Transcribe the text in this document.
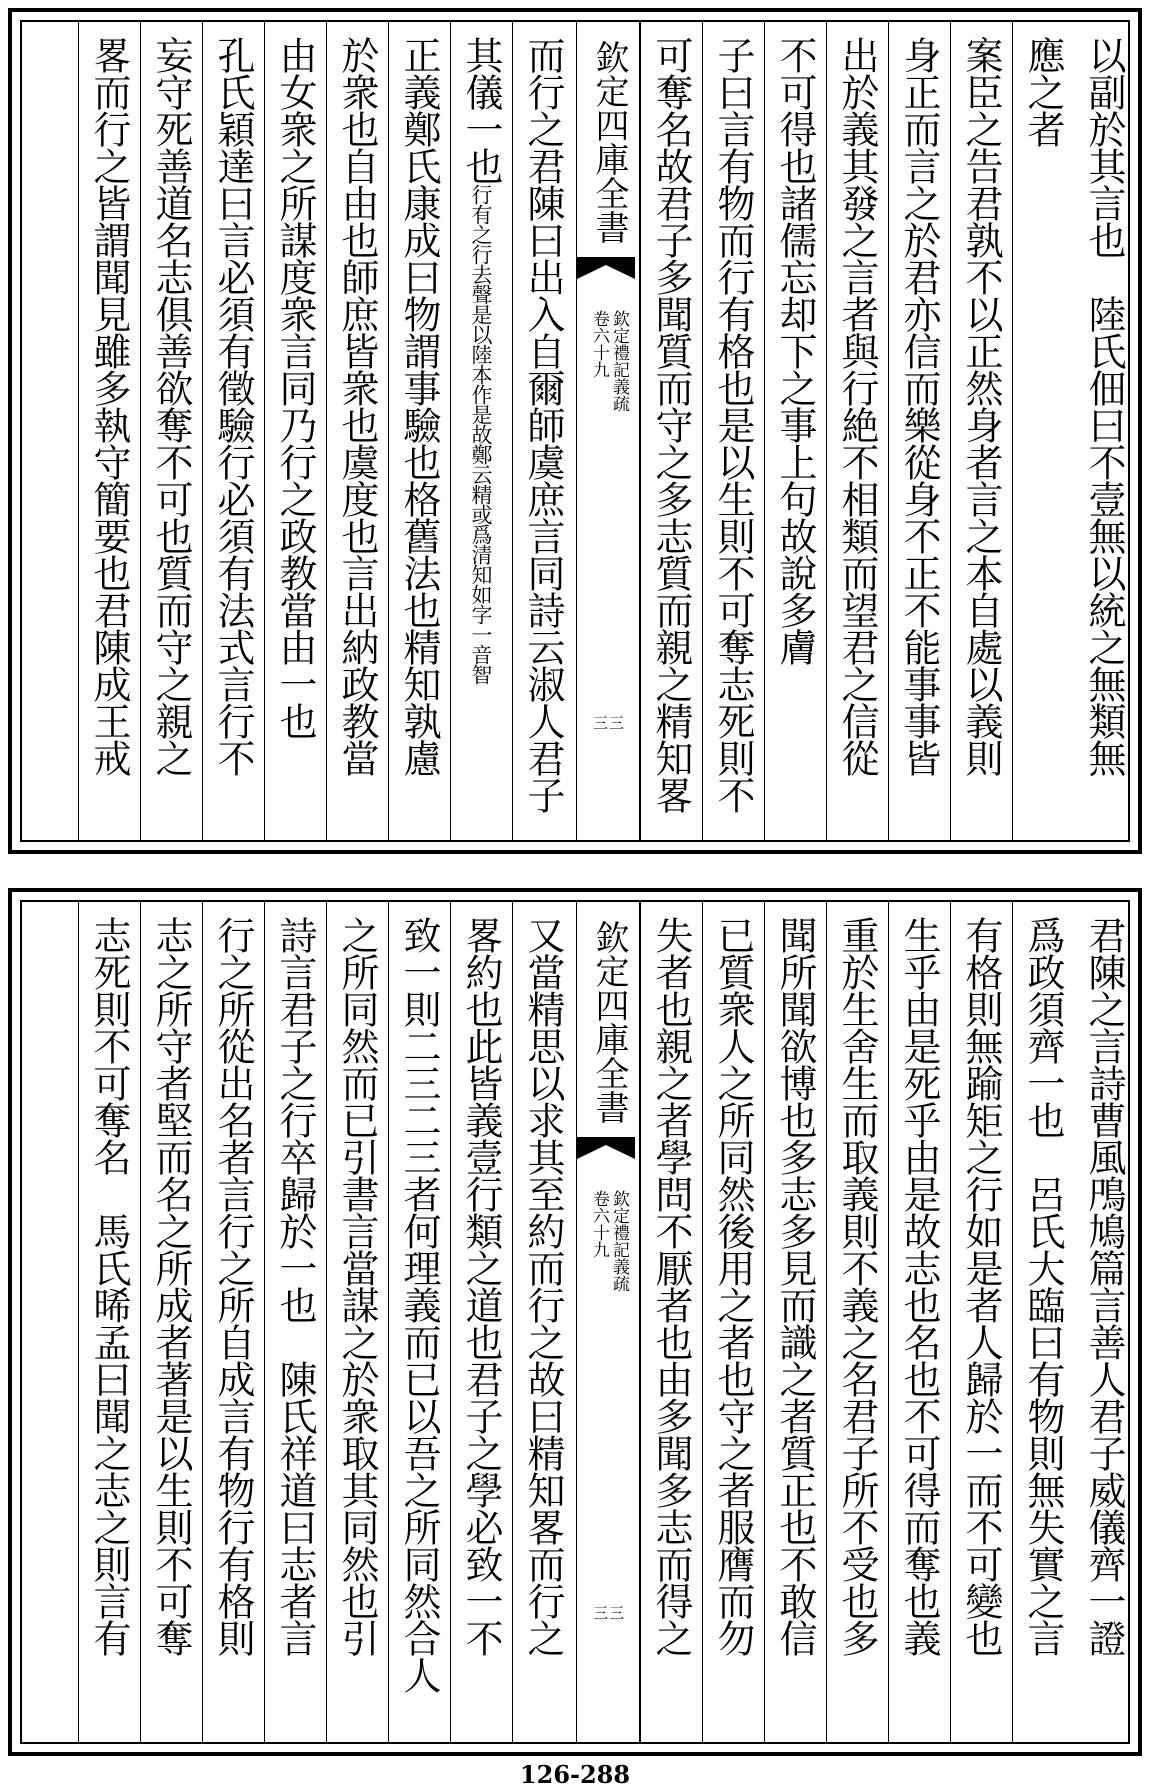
以副於其言也　陸氏佃曰不壹無以統之無類無
應之者
案臣之告君孰不以正然身者言之本自處以義則
身正而言之於君亦信而樂從身不正不能事事皆
出於義其發之言者與行絶不相類而望君之信從
不可得也諸儒忘却下之事上句故說多膚
子曰言有物而行有格也是以生則不可奪志死則不
可奪名故君子多聞質而守之多志質而親之精知畧
欽定四庫全書
欽定禮記義疏
卷六十九
三三
而行之君陳曰出入自爾師虞庶言同詩云淑人君子
其儀一也行有之行去聲是以陸本作是故鄭云精或爲清知如字一音智
正義鄭氏康成曰物謂事驗也格舊法也精知孰慮
於衆也自由也師庶皆衆也虞度也言出納政教當
由女衆之所謀度衆言同乃行之政教當由一也
孔氏穎達曰言必須有徵驗行必須有法式言行不
妄守死善道名志俱善欲奪不可也質而守之親之
畧而行之皆謂聞見雖多執守簡要也君陳成王戒
君陳之言詩曹風鳲鳩篇言善人君子威儀齊一證
爲政須齊一也　呂氏大臨曰有物則無失實之言
有格則無踰矩之行如是者人歸於一而不可變也
生乎由是死乎由是故志也名也不可得而奪也義
重於生舍生而取義則不義之名君子所不受也多
聞所聞欲博也多志多見而識之者質正也不敢信
已質衆人之所同然後用之者也守之者服膺而勿
失者也親之者學問不厭者也由多聞多志而得之
欽定四庫全書
欽定禮記義疏
卷六十九
三三
又當精思以求其至約而行之故曰精知畧而行之
畧約也此皆義壹行類之道也君子之學必致一不
致一則二三二三者何理義而已以吾之所同然合人
之所同然而已引書言當謀之於衆取其同然也引
詩言君子之行卒歸於一也　陳氏祥道曰志者言
行之所從出名者言行之所自成言有物行有格則
志之所守者堅而名之所成者著是以生則不可奪
志死則不可奪名　馬氏晞孟曰聞之志之則言有
126-288
